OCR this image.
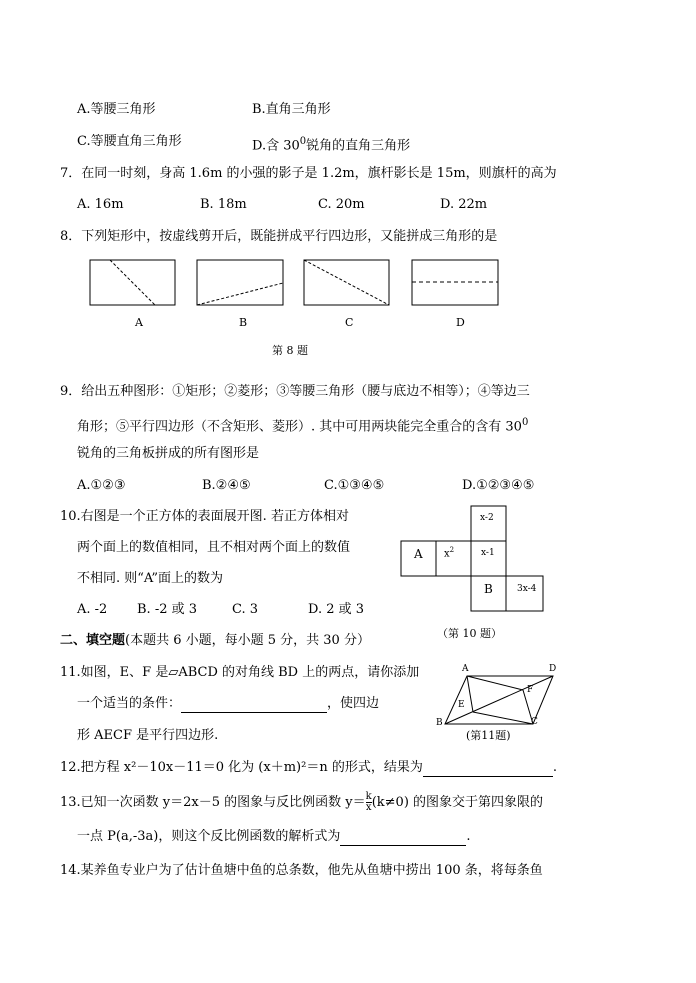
A.等腰三角形	B.直角三角形
C.等腰直角三角形	D.含 $30^0$锐角的直角三角形
7．在同一时刻，身高 1.6m 的小强的影子是 1.2m，旗杆影长是 15m，则旗杆的高为
A. 16m	B. 18m	C. 20m	D. 22m
8．下列矩形中，按虚线剪开后，既能拼成平行四边形，又能拼成三角形的是
A	B	C	D
第 8 题
9．给出五种图形：①矩形；②菱形；③等腰三角形（腰与底边不相等）；④等边三
角形；⑤平行四边形（不含矩形、菱形）. 其中可用两块能完全重合的含有 $30^0$
锐角的三角板拼成的所有图形是
A.①②③	B.②④⑤	C.①③④⑤	D.①②③④⑤
10.右图是一个正方体的表面展开图. 若正方体相对
两个面上的数值相同，且不相对两个面上的数值
不相同. 则“A”面上的数为
A. -2 B. -2 或 3	C. 3	D. 2 或 3
x-2
A $x^2$	x-1
B	3x-4
（第 10 题）
二、填空题(本题共 6 小题，每小题 5 分，共 30 分）
11.如图，E、F 是▱ABCD 的对角线 BD 上的两点，请你添加
一个适当的条件：	，使四边
形 AECF 是平行四边形.
A	D
F
E
B	C
(第11题)
12.把方程 x²－10x－11＝0 化为 (x＋m)²＝n 的形式，结果为	.
13.已知一次函数 y＝2x－5 的图象与反比例函数 $y= \frac{k}{x} (k\ne 0)$ 的图象交于第四象限的
一点 P(a,-3a)，则这个反比例函数的解析式为	.
14.某养鱼专业户为了估计鱼塘中鱼的总条数，他先从鱼塘中捞出 100 条，将每条鱼
